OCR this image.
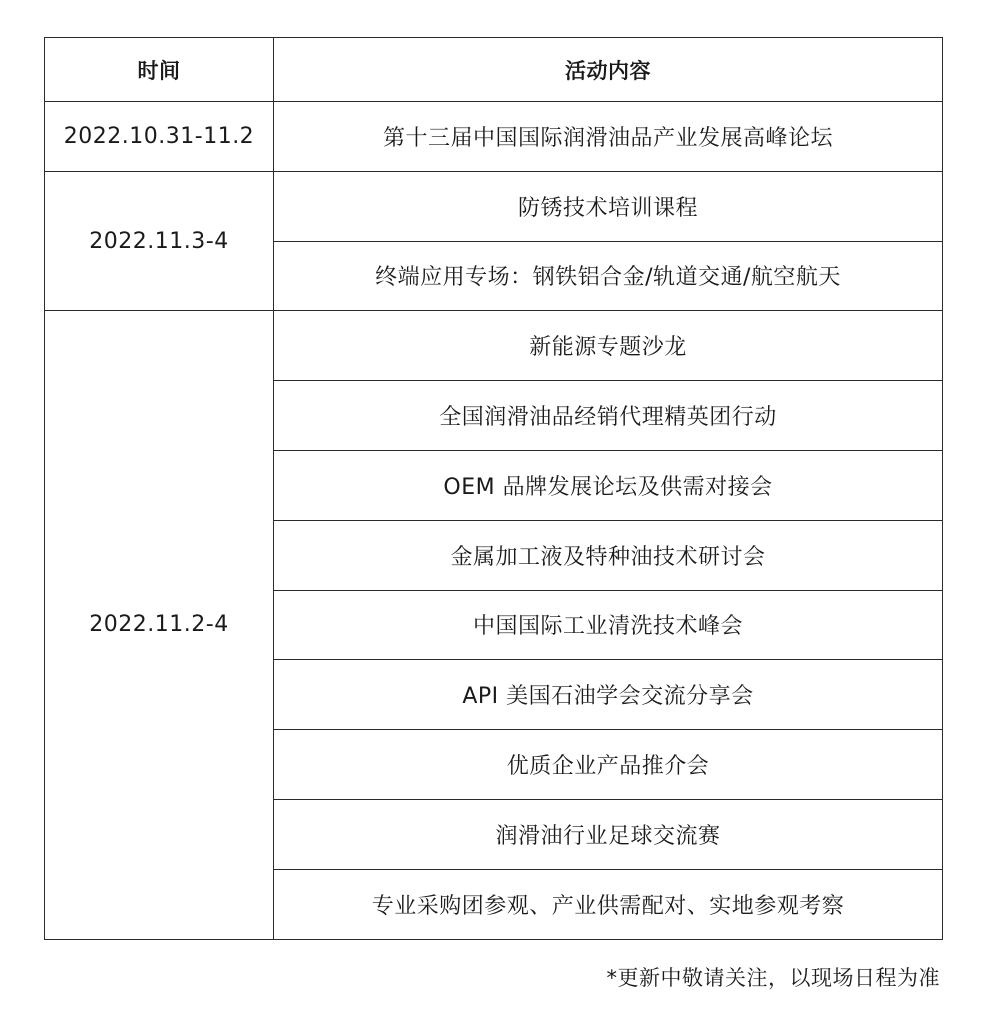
时间	活动内容
2022.10.31-11.2	第十三届中国国际润滑油品产业发展高峰论坛
2022.11.3-4	防锈技术培训课程
	终端应用专场：钢铁铝合金/轨道交通/航空航天
2022.11.2-4	新能源专题沙龙
	全国润滑油品经销代理精英团行动
	OEM 品牌发展论坛及供需对接会
	金属加工液及特种油技术研讨会
	中国国际工业清洗技术峰会
	API 美国石油学会交流分享会
	优质企业产品推介会
	润滑油行业足球交流赛
	专业采购团参观、产业供需配对、实地参观考察
*更新中敬请关注，以现场日程为准
